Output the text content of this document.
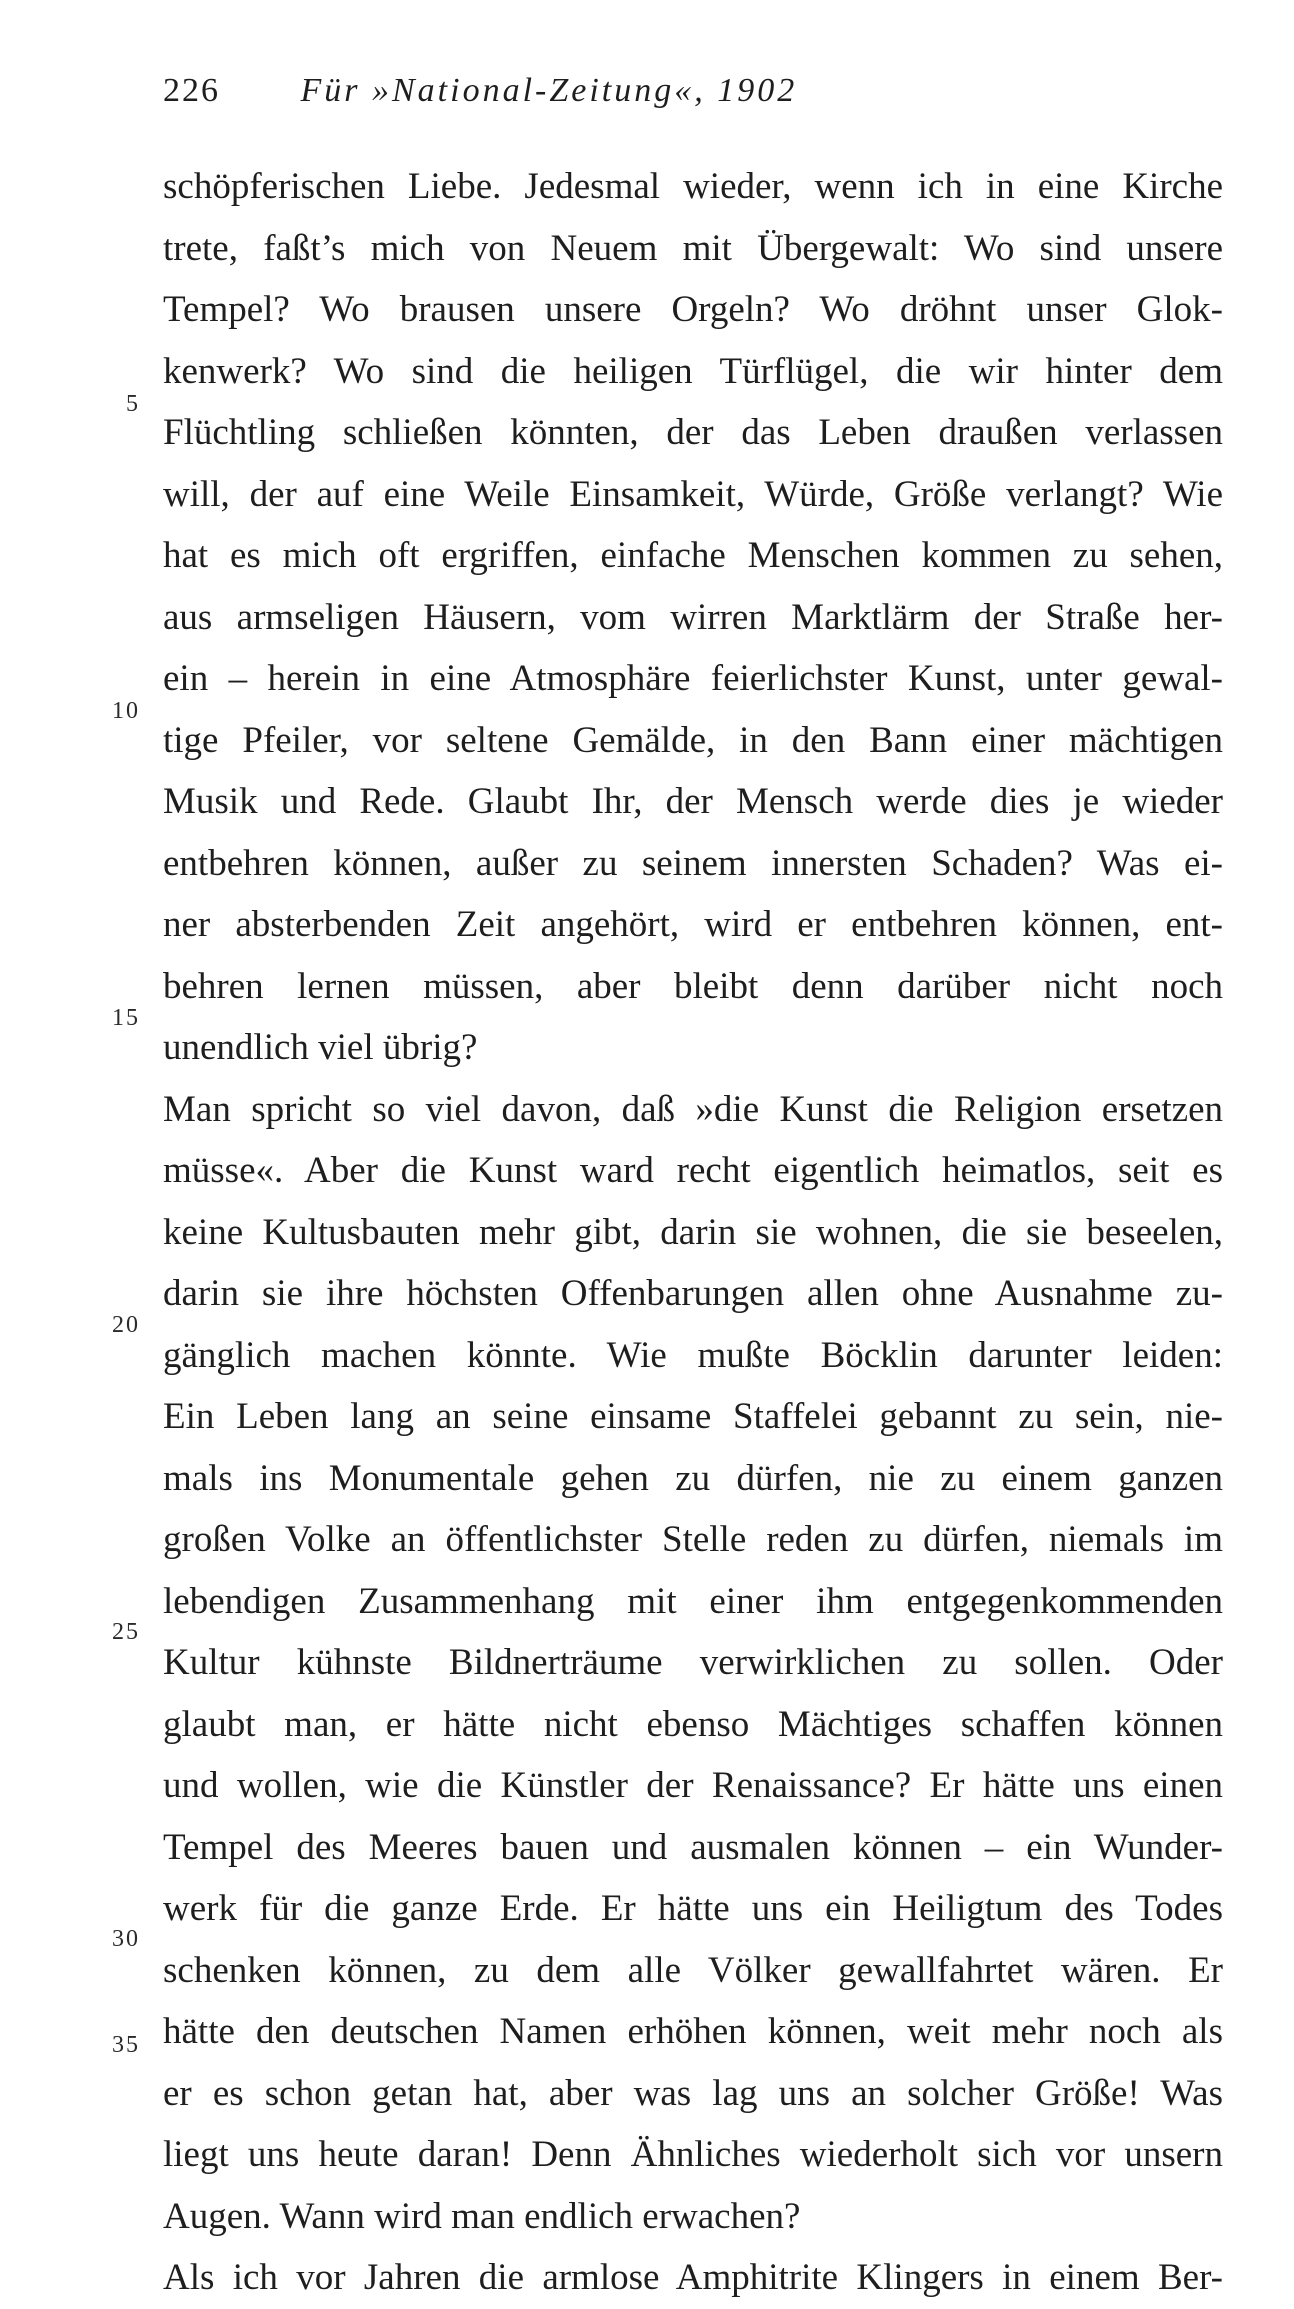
226 Für »National-Zeitung«, 1902
5
10
15
20
25
30
35
schöpferischen Liebe. Jedesmal wieder, wenn ich in eine Kirche
trete, faßt’s mich von Neuem mit Übergewalt: Wo sind unsere
Tempel? Wo brausen unsere Orgeln? Wo dröhnt unser Glok-
kenwerk? Wo sind die heiligen Türflügel, die wir hinter dem
Flüchtling schließen könnten, der das Leben draußen verlassen
will, der auf eine Weile Einsamkeit, Würde, Größe verlangt? Wie
hat es mich oft ergriffen, einfache Menschen kommen zu sehen,
aus armseligen Häusern, vom wirren Marktlärm der Straße her-
ein – herein in eine Atmosphäre feierlichster Kunst, unter gewal-
tige Pfeiler, vor seltene Gemälde, in den Bann einer mächtigen
Musik und Rede. Glaubt Ihr, der Mensch werde dies je wieder
entbehren können, außer zu seinem innersten Schaden? Was ei-
ner absterbenden Zeit angehört, wird er entbehren können, ent-
behren lernen müssen, aber bleibt denn darüber nicht noch
unendlich viel übrig?
Man spricht so viel davon, daß »die Kunst die Religion ersetzen
müsse«. Aber die Kunst ward recht eigentlich heimatlos, seit es
keine Kultusbauten mehr gibt, darin sie wohnen, die sie beseelen,
darin sie ihre höchsten Offenbarungen allen ohne Ausnahme zu-
gänglich machen könnte. Wie mußte Böcklin darunter leiden:
Ein Leben lang an seine einsame Staffelei gebannt zu sein, nie-
mals ins Monumentale gehen zu dürfen, nie zu einem ganzen
großen Volke an öffentlichster Stelle reden zu dürfen, niemals im
lebendigen Zusammenhang mit einer ihm entgegenkommenden
Kultur kühnste Bildnerträume verwirklichen zu sollen. Oder
glaubt man, er hätte nicht ebenso Mächtiges schaffen können
und wollen, wie die Künstler der Renaissance? Er hätte uns einen
Tempel des Meeres bauen und ausmalen können – ein Wunder-
werk für die ganze Erde. Er hätte uns ein Heiligtum des Todes
schenken können, zu dem alle Völker gewallfahrtet wären. Er
hätte den deutschen Namen erhöhen können, weit mehr noch als
er es schon getan hat, aber was lag uns an solcher Größe! Was
liegt uns heute daran! Denn Ähnliches wiederholt sich vor unsern
Augen. Wann wird man endlich erwachen?
Als ich vor Jahren die armlose Amphitrite Klingers in einem Ber-
